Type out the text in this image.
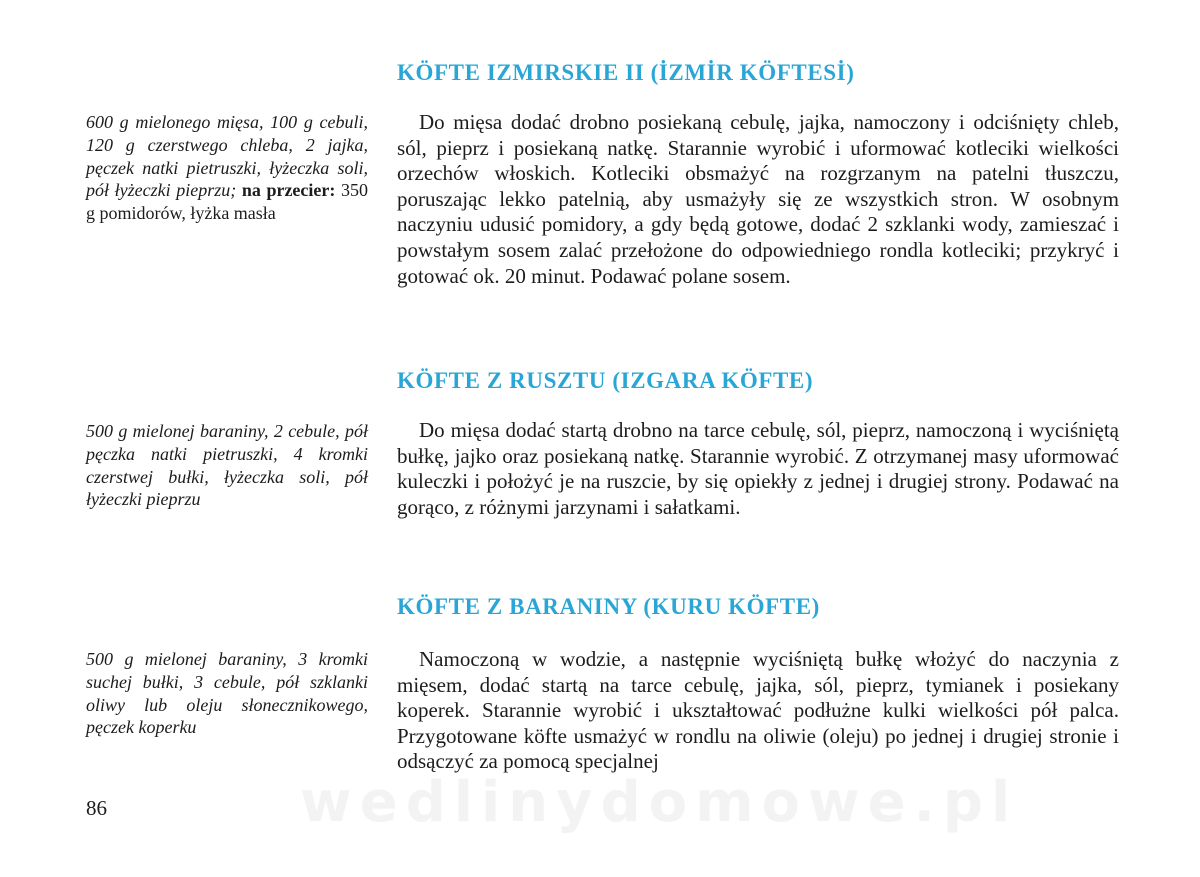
KÖFTE IZMIRSKIE II (İZMİR KÖFTESİ)
600 g mielonego mięsa, 100 g cebuli, 120 g czerstwego chleba, 2 jajka, pęczek natki pietruszki, łyżeczka soli, pół łyżeczki pieprzu; na przecier: 350 g pomidorów, łyżka masła
Do mięsa dodać drobno posiekaną cebulę, jajka, namoczony i odciśnięty chleb, sól, pieprz i posiekaną natkę. Starannie wyrobić i uformować kotleciki wielkości orzechów włoskich. Kotleciki obsmażyć na rozgrzanym na patelni tłuszczu, poruszając lekko patelnią, aby usmażyły się ze wszystkich stron. W osobnym naczyniu udusić pomidory, a gdy będą gotowe, dodać 2 szklanki wody, zamieszać i powstałym sosem zalać przełożone do odpowiedniego rondla kotleciki; przykryć i gotować ok. 20 minut. Podawać polane sosem.
KÖFTE Z RUSZTU (IZGARA KÖFTE)
500 g mielonej baraniny, 2 cebule, pół pęczka natki pietruszki, 4 kromki czerstwej bułki, łyżeczka soli, pół łyżeczki pieprzu
Do mięsa dodać startą drobno na tarce cebulę, sól, pieprz, namoczoną i wyciśniętą bułkę, jajko oraz posiekaną natkę. Starannie wyrobić. Z otrzymanej masy uformować kuleczki i położyć je na ruszcie, by się opiekły z jednej i drugiej strony. Podawać na gorąco, z różnymi jarzynami i sałatkami.
KÖFTE Z BARANINY (KURU KÖFTE)
500 g mielonej baraniny, 3 kromki suchej bułki, 3 cebule, pół szklanki oliwy lub oleju słonecznikowego, pęczek koperku
Namoczoną w wodzie, a następnie wyciśniętą bułkę włożyć do naczynia z mięsem, dodać startą na tarce cebulę, jajka, sól, pieprz, tymianek i posiekany koperek. Starannie wyrobić i ukształtować podłużne kulki wielkości pół palca. Przygotowane köfte usmażyć w rondlu na oliwie (oleju) po jednej i drugiej stronie i odsączyć za pomocą specjalnej
86	wedlinydomowe.pl
